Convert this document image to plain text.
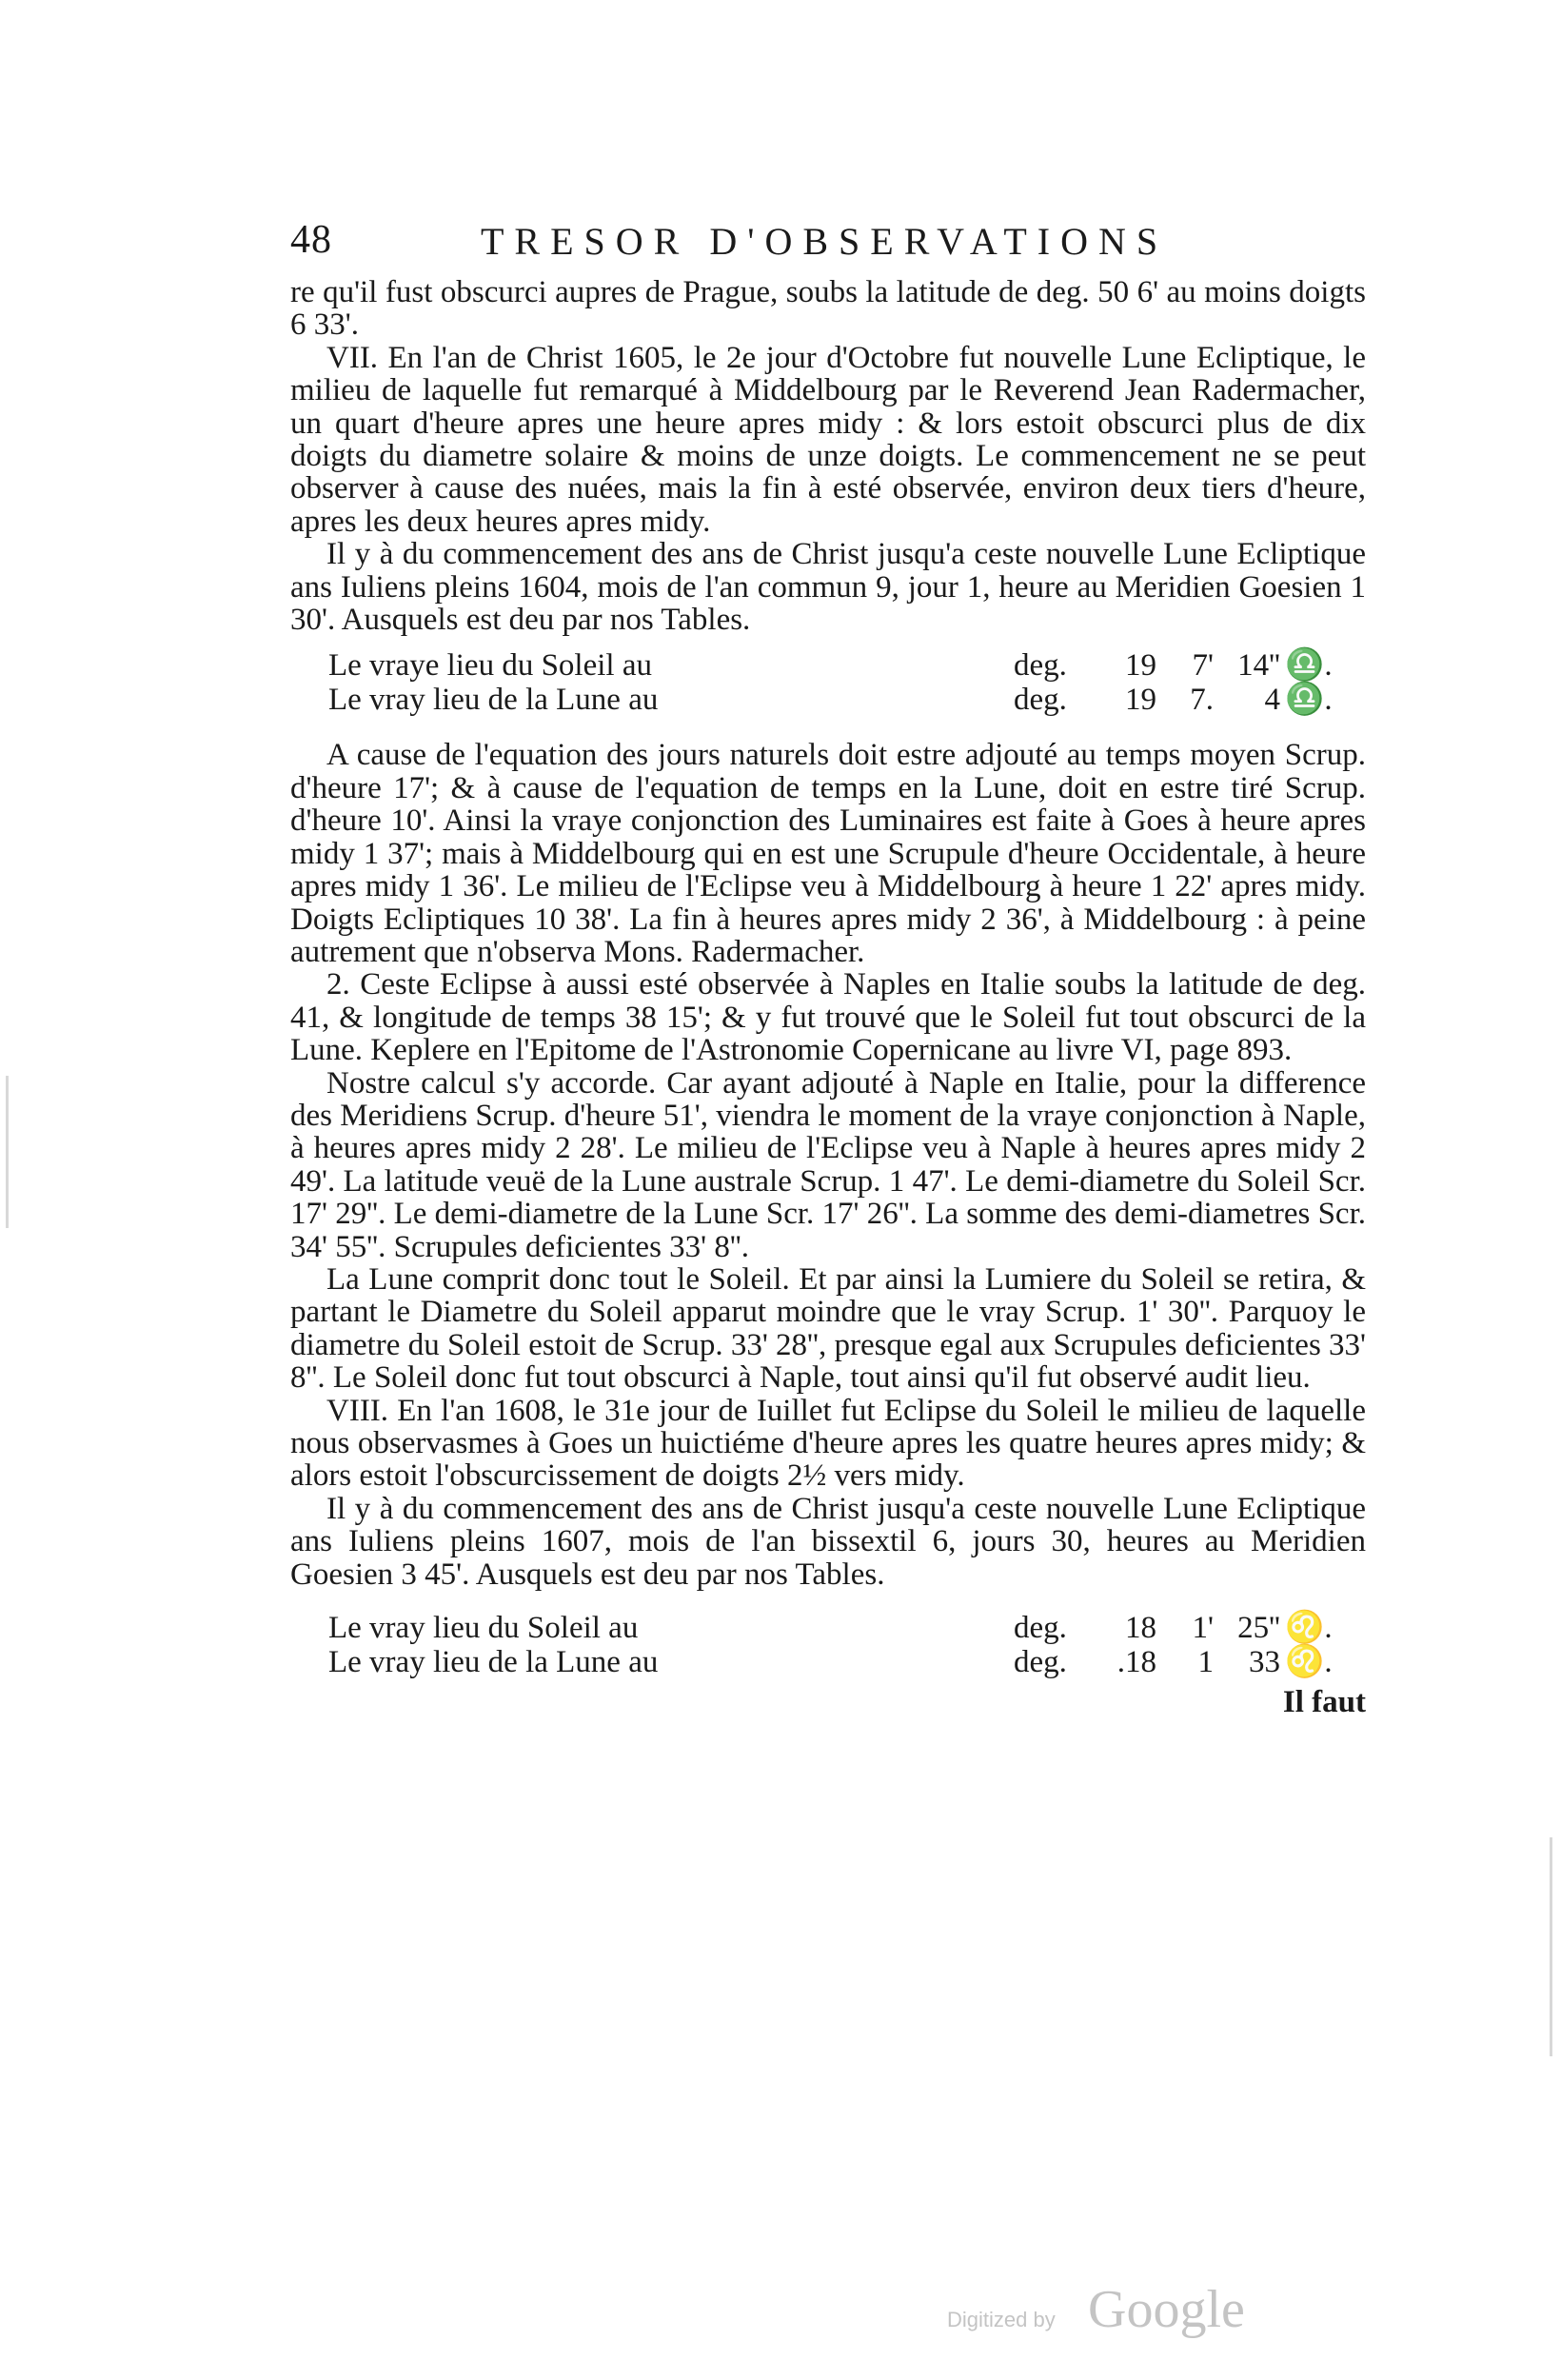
48	TRESOR D'OBSERVATIONS

re qu'il fust obscurci aupres de Prague, soubs la latitude de deg. 50 6' au moins doigts 6 33'.

VII. En l'an de Christ 1605, le 2e jour d'Octobre fut nouvelle Lune Ecliptique, le milieu de laquelle fut remarqué à Middelbourg par le Reverend Jean Radermacher, un quart d'heure apres une heure apres midy : & lors estoit obscurci plus de dix doigts du diametre solaire & moins de unze doigts. Le commencement ne se peut observer à cause des nuées, mais la fin à esté observée, environ deux tiers d'heure, apres les deux heures apres midy.

Il y à du commencement des ans de Christ jusqu'a ceste nouvelle Lune Ecliptique ans Iuliens pleins 1604, mois de l'an commun 9, jour 1, heure au Meridien Goesien 1 30'. Ausquels est deu par nos Tables.

Le vraye lieu du Soleil au	deg.	19	7' 14'' ♎.
Le vray lieu de la Lune au	deg.	19	7.	4 ♎.

A cause de l'equation des jours naturels doit estre adjouté au temps moyen Scrup. d'heure 17'; & à cause de l'equation de temps en la Lune, doit en estre tiré Scrup. d'heure 10'. Ainsi la vraye conjonction des Luminaires est faite à Goes à heure apres midy 1 37'; mais à Middelbourg qui en est une Scrupule d'heure Occidentale, à heure apres midy 1 36'. Le milieu de l'Eclipse veu à Middelbourg à heure 1 22' apres midy. Doigts Ecliptiques 10 38'. La fin à heures apres midy 2 36', à Middelbourg : à peine autrement que n'observa Mons. Radermacher.

2. Ceste Eclipse à aussi esté observée à Naples en Italie soubs la latitude de deg. 41, & longitude de temps 38 15'; & y fut trouvé que le Soleil fut tout obscurci de la Lune. Keplere en l'Epitome de l'Astronomie Copernicane au livre VI, page 893.

Nostre calcul s'y accorde. Car ayant adjouté à Naple en Italie, pour la difference des Meridiens Scrup. d'heure 51', viendra le moment de la vraye conjonction à Naple, à heures apres midy 2 28'. Le milieu de l'Eclipse veu à Naple à heures apres midy 2 49'. La latitude veuë de la Lune australe Scrup. 1 47'. Le demi-diametre du Soleil Scr. 17' 29''. Le demi-diametre de la Lune Scr. 17' 26''. La somme des demi-diametres Scr. 34' 55''. Scrupules deficientes 33' 8''.

La Lune comprit donc tout le Soleil. Et par ainsi la Lumiere du Soleil se retira, & partant le Diametre du Soleil apparut moindre que le vray Scrup. 1' 30''. Parquoy le diametre du Soleil estoit de Scrup. 33' 28'', presque egal aux Scrupules deficientes 33' 8''. Le Soleil donc fut tout obscurci à Naple, tout ainsi qu'il fut observé audit lieu.

VIII. En l'an 1608, le 31e jour de Iuillet fut Eclipse du Soleil le milieu de laquelle nous observasmes à Goes un huictiéme d'heure apres les quatre heures apres midy; & alors estoit l'obscurcissement de doigts 2½ vers midy.

Il y à du commencement des ans de Christ jusqu'a ceste nouvelle Lune Ecliptique ans Iuliens pleins 1607, mois de l'an bissextil 6, jours 30, heures au Meridien Goesien 3 45'. Ausquels est deu par nos Tables.

Le vray lieu du Soleil au	deg.	18	1' 25'' ♌.
Le vray lieu de la Lune au	deg.	.18	1	33 ♌.
Il faut
Digitized by Google
